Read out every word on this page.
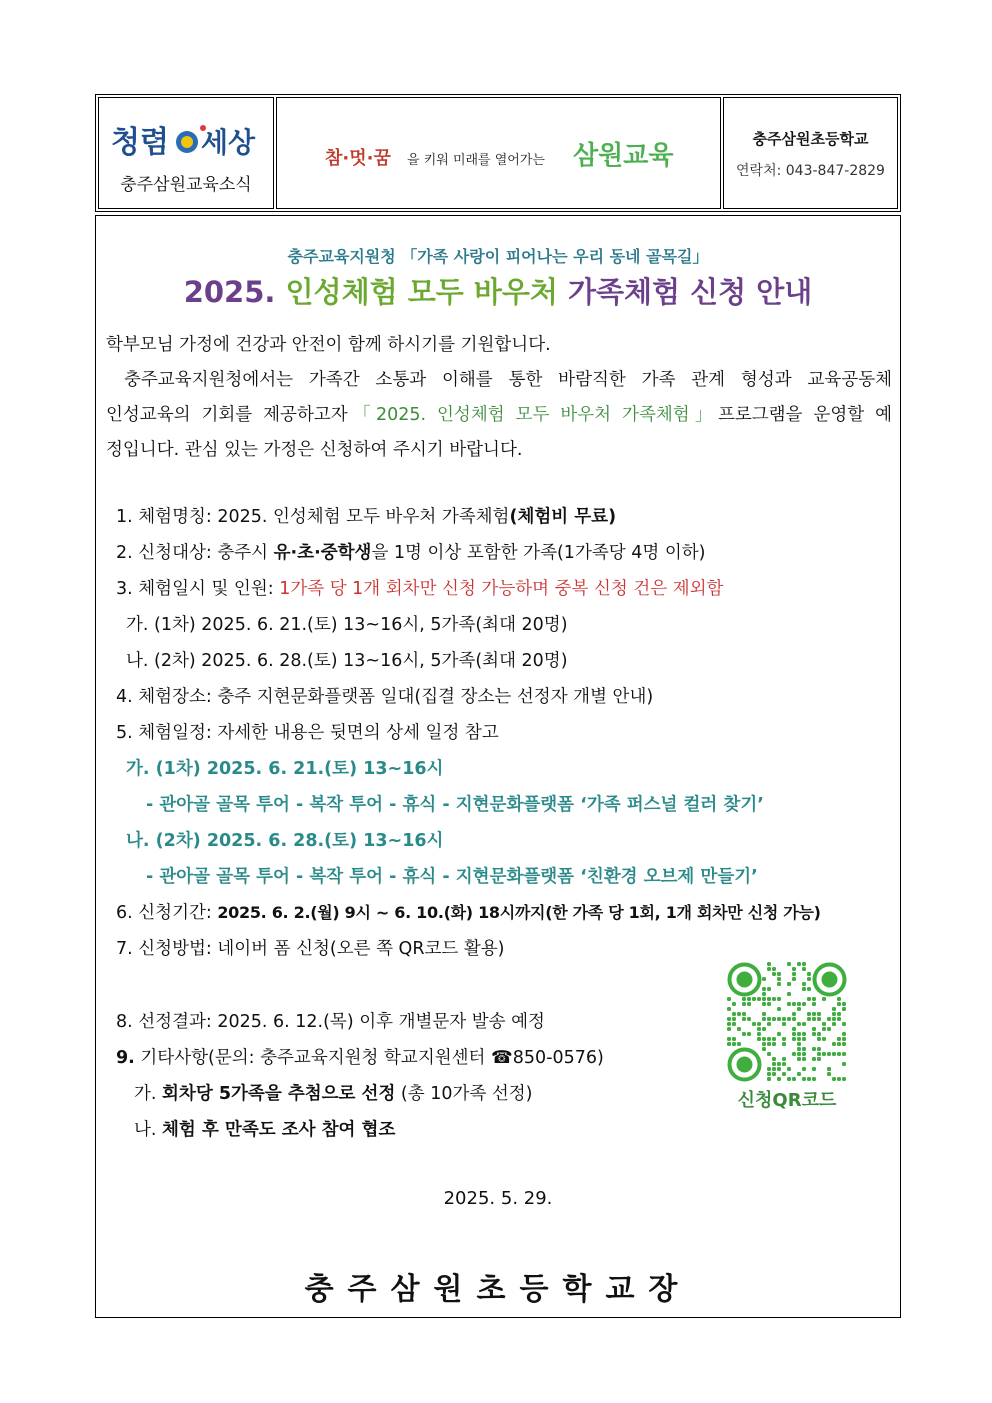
청렴 세상
충주삼원교육소식
참·멋·꿈 을 키워 미래를 열어가는 삼원교육
충주삼원초등학교
연락처: 043-847-2829
충주교육지원청 「가족 사랑이 피어나는 우리 동네 골목길」
2025. 인성체험 모두 바우처 가족체험 신청 안내

학부모님 가정에 건강과 안전이 함께 하시기를 기원합니다.

충주교육지원청에서는 가족간 소통과 이해를 통한 바람직한 가족 관계 형성과 교육공동체

인성교육의 기회를 제공하고자「2025. 인성체험 모두 바우처 가족체험」프로그램을 운영할 예

정입니다. 관심 있는 가정은 신청하여 주시기 바랍니다.

1. 체험명칭: 2025. 인성체험 모두 바우처 가족체험(체험비 무료)
2. 신청대상: 충주시 유·초·중학생을 1명 이상 포함한 가족(1가족당 4명 이하)
3. 체험일시 및 인원: 1가족 당 1개 회차만 신청 가능하며 중복 신청 건은 제외함
가. (1차) 2025. 6. 21.(토) 13~16시, 5가족(최대 20명)
나. (2차) 2025. 6. 28.(토) 13~16시, 5가족(최대 20명)
4. 체험장소: 충주 지현문화플랫폼 일대(집결 장소는 선정자 개별 안내)
5. 체험일정: 자세한 내용은 뒷면의 상세 일정 참고
가. (1차) 2025. 6. 21.(토) 13~16시
- 관아골 골목 투어 - 복작 투어 - 휴식 - 지현문화플랫폼 ‘가족 퍼스널 컬러 찾기’
나. (2차) 2025. 6. 28.(토) 13~16시
- 관아골 골목 투어 - 복작 투어 - 휴식 - 지현문화플랫폼 ‘친환경 오브제 만들기’
6. 신청기간: 2025. 6. 2.(월) 9시 ~ 6. 10.(화) 18시까지(한 가족 당 1회, 1개 회차만 신청 가능)
7. 신청방법: 네이버 폼 신청(오른 쪽 QR코드 활용)
8. 선정결과: 2025. 6. 12.(목) 이후 개별문자 발송 예정
9. 기타사항(문의: 충주교육지원청 학교지원센터 ☎850-0576)
가. 회차당 5가족을 추첨으로 선정 (총 10가족 선정)
나. 체험 후 만족도 조사 참여 협조
신청QR코드
2025. 5. 29.
충주삼원초등학교장
